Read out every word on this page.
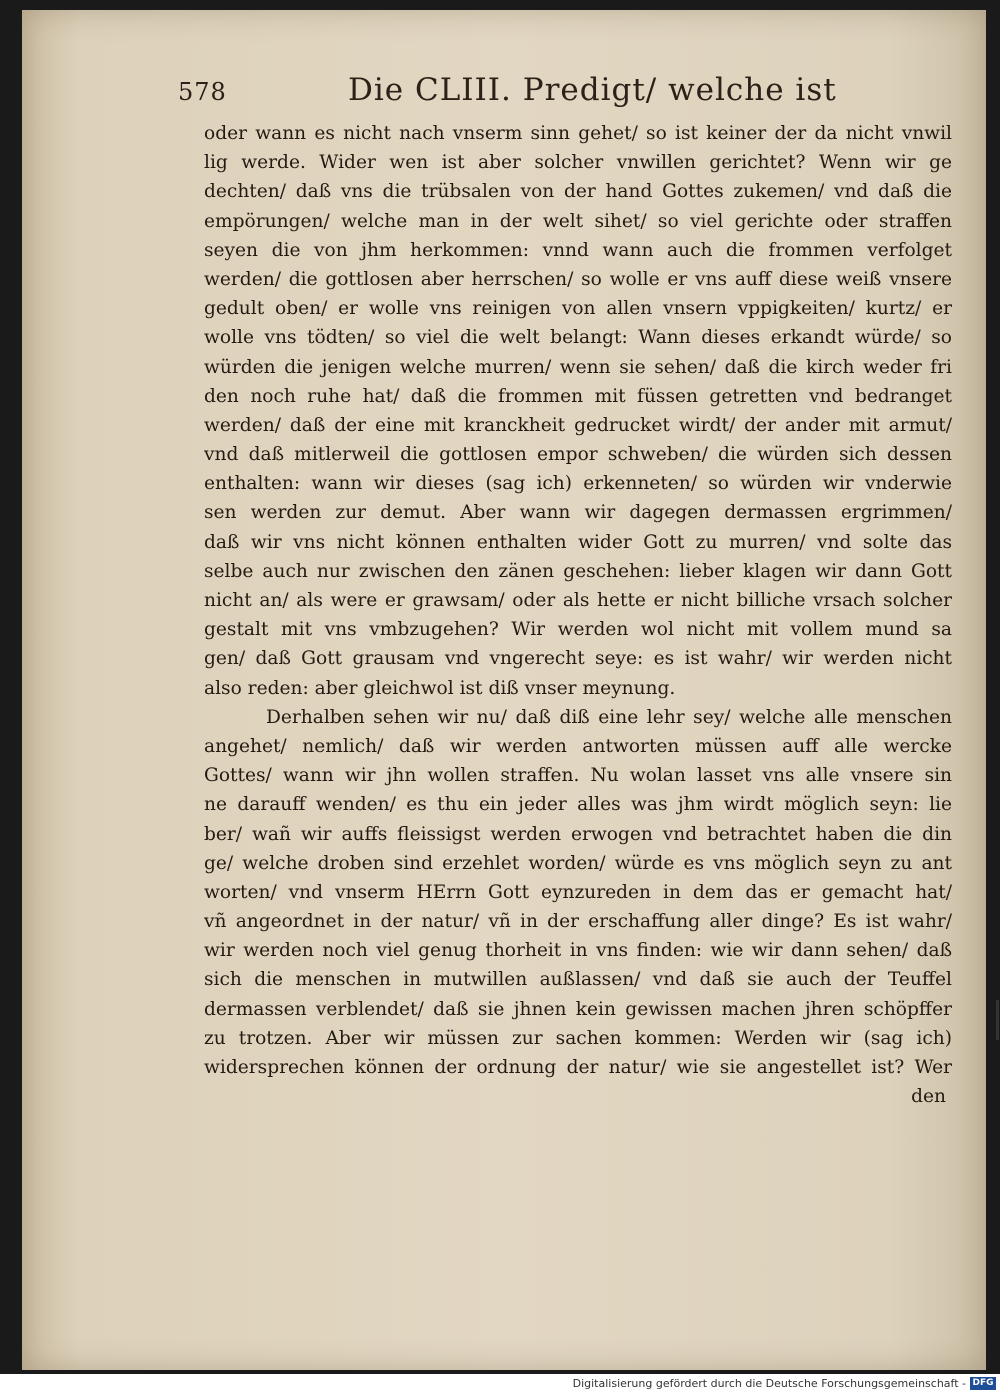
578	Die CLIII. Predigt/ welche ist
oder wann es nicht nach vnserm sinn gehet/ so ist keiner der da nicht vnwil
lig werde. Wider wen ist aber solcher vnwillen gerichtet? Wenn wir ge
dechten/ daß vns die trübsalen von der hand Gottes zukemen/ vnd daß die
empörungen/ welche man in der welt sihet/ so viel gerichte oder straffen
seyen die von jhm herkommen: vnnd wann auch die frommen verfolget
werden/ die gottlosen aber herrschen/ so wolle er vns auff diese weiß vnsere
gedult oben/ er wolle vns reinigen von allen vnsern vppigkeiten/ kurtz/ er
wolle vns tödten/ so viel die welt belangt: Wann dieses erkandt würde/ so
würden die jenigen welche murren/ wenn sie sehen/ daß die kirch weder fri
den noch ruhe hat/ daß die frommen mit füssen getretten vnd bedranget
werden/ daß der eine mit kranckheit gedrucket wirdt/ der ander mit armut/
vnd daß mitlerweil die gottlosen empor schweben/ die würden sich dessen
enthalten: wann wir dieses (sag ich) erkenneten/ so würden wir vnderwie
sen werden zur demut. Aber wann wir dagegen dermassen ergrimmen/
daß wir vns nicht können enthalten wider Gott zu murren/ vnd solte das
selbe auch nur zwischen den zänen geschehen: lieber klagen wir dann Gott
nicht an/ als were er grawsam/ oder als hette er nicht billiche vrsach solcher
gestalt mit vns vmbzugehen? Wir werden wol nicht mit vollem mund sa
gen/ daß Gott grausam vnd vngerecht seye: es ist wahr/ wir werden nicht
also reden: aber gleichwol ist diß vnser meynung.
Derhalben sehen wir nu/ daß diß eine lehr sey/ welche alle menschen
angehet/ nemlich/ daß wir werden antworten müssen auff alle wercke
Gottes/ wann wir jhn wollen straffen. Nu wolan lasset vns alle vnsere sin
ne darauff wenden/ es thu ein jeder alles was jhm wirdt möglich seyn: lie
ber/ wañ wir auffs fleissigst werden erwogen vnd betrachtet haben die din
ge/ welche droben sind erzehlet worden/ würde es vns möglich seyn zu ant
worten/ vnd vnserm HErrn Gott eynzureden in dem das er gemacht hat/
vñ angeordnet in der natur/ vñ in der erschaffung aller dinge? Es ist wahr/
wir werden noch viel genug thorheit in vns finden: wie wir dann sehen/ daß
sich die menschen in mutwillen außlassen/ vnd daß sie auch der Teuffel
dermassen verblendet/ daß sie jhnen kein gewissen machen jhren schöpffer
zu trotzen. Aber wir müssen zur sachen kommen: Werden wir (sag ich)
widersprechen können der ordnung der natur/ wie sie angestellet ist? Wer
den
Digitalisierung gefördert durch die Deutsche Forschungsgemeinschaft - DFG
